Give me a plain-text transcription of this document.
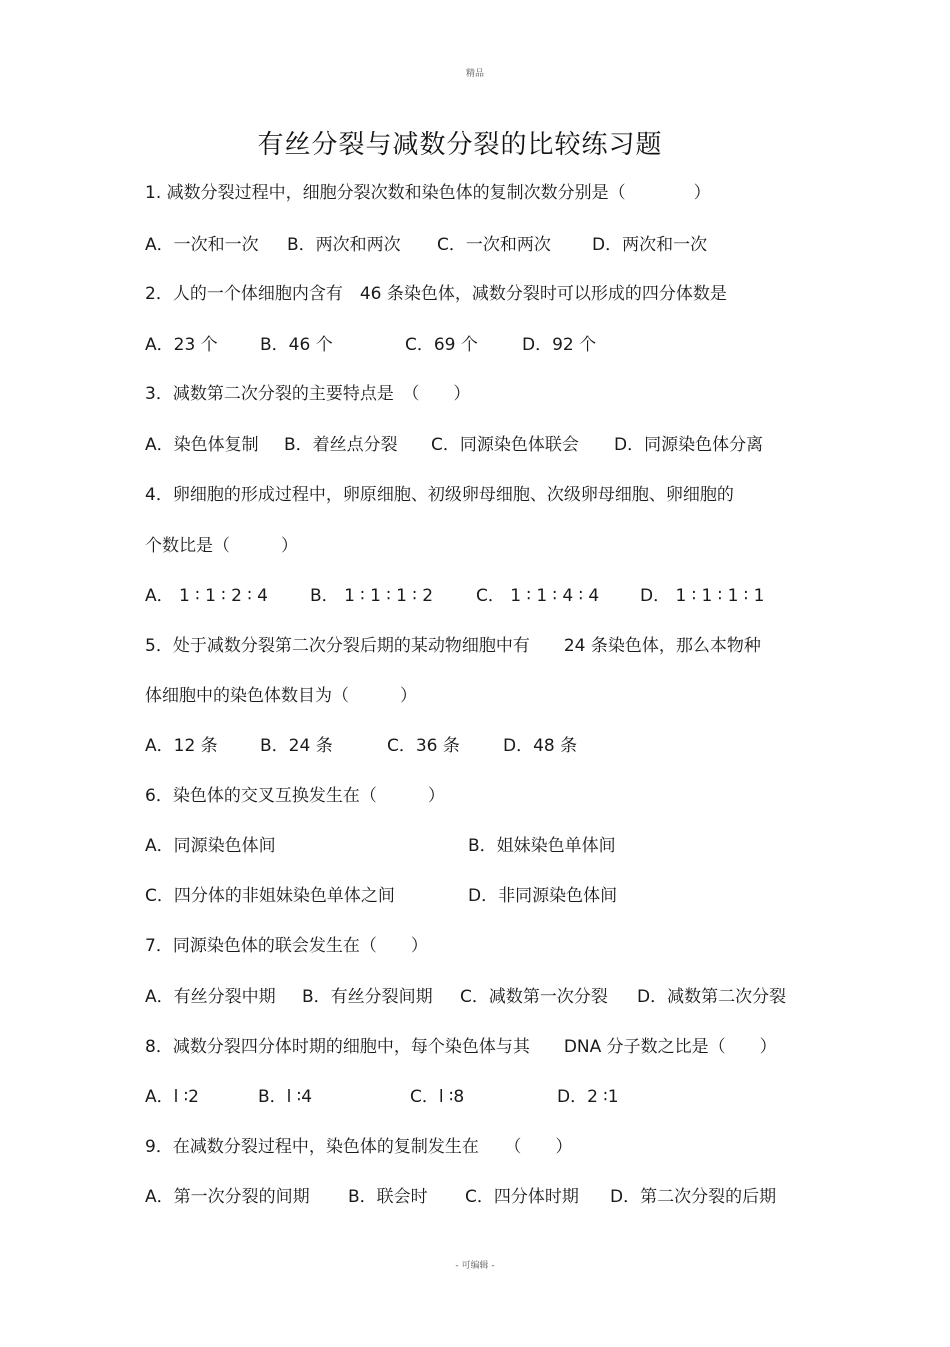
精品
有丝分裂与减数分裂的比较练习题
1. 减数分裂过程中，细胞分裂次数和染色体的复制次数分别是（　　　　）
A．一次和一次 B．两次和两次 C．一次和两次 D．两次和一次
2．人的一个体细胞内含有　46 条染色体，减数分裂时可以形成的四分体数是
A．23 个 B．46 个	C．69 个	D．92 个
3．减数第二次分裂的主要特点是　（　　）
A．染色体复制 B．着丝点分裂 C．同源染色体联会 D．同源染色体分离
4．卵细胞的形成过程中，卵原细胞、初级卵母细胞、次级卵母细胞、卵细胞的
个数比是（　　　）
A． 1 ∶ 1 ∶ 2 ∶ 4 B． 1 ∶ 1 ∶ 1 ∶ 2	C． 1 ∶ 1 ∶ 4 ∶ 4 D． 1 ∶ 1 ∶ 1 ∶ 1
5．处于减数分裂第二次分裂后期的某动物细胞中有　　24 条染色体，那么本物种
体细胞中的染色体数目为（　　　）
A．12 条 B．24 条	C．36 条	D．48 条
6．染色体的交叉互换发生在（　　　）
A．同源染色体间	B．姐妹染色单体间
C．四分体的非姐妹染色单体之间	D．非同源染色体间
7．同源染色体的联会发生在（　　）
A．有丝分裂中期 B．有丝分裂间期 C．减数第一次分裂 D．减数第二次分裂
8．减数分裂四分体时期的细胞中，每个染色体与其　　DNA 分子数之比是（　　）
A．l ∶2	B．l ∶4	C．l ∶8	D．2 ∶1
9．在减数分裂过程中，染色体的复制发生在　　（　　）
A．第一次分裂的间期 B．联会时 C．四分体时期 D．第二次分裂的后期
- 可编辑 -
